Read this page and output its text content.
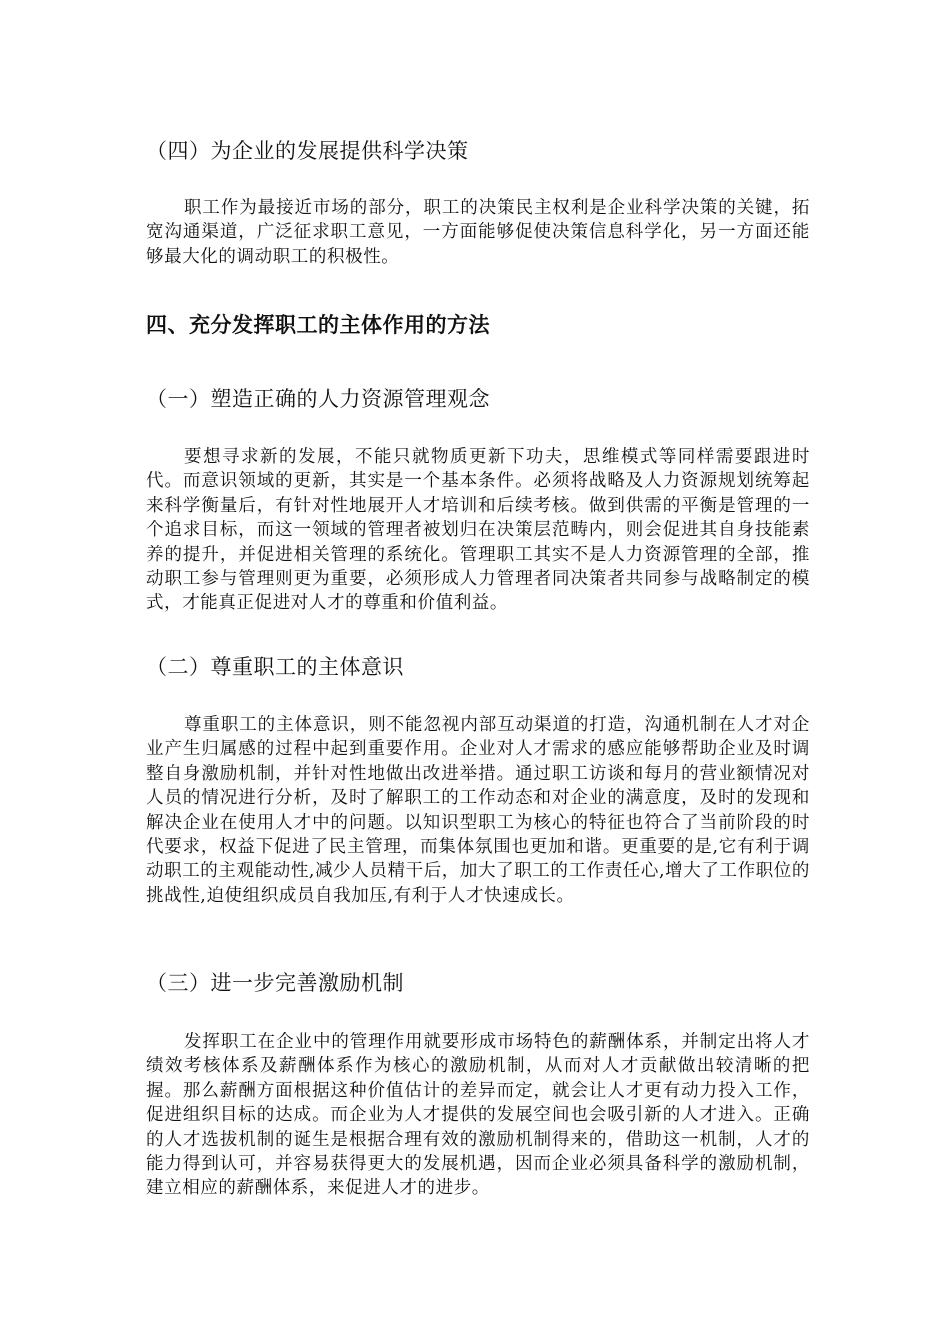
（四）为企业的发展提供科学决策

职工作为最接近市场的部分，职工的决策民主权利是企业科学决策的关键，拓宽沟通渠道，广泛征求职工意见，一方面能够促使决策信息科学化，另一方面还能够最大化的调动职工的积极性。

四、充分发挥职工的主体作用的方法
（一）塑造正确的人力资源管理观念

要想寻求新的发展，不能只就物质更新下功夫，思维模式等同样需要跟进时代。而意识领域的更新，其实是一个基本条件。必须将战略及人力资源规划统筹起来科学衡量后，有针对性地展开人才培训和后续考核。做到供需的平衡是管理的一个追求目标，而这一领域的管理者被划归在决策层范畴内，则会促进其自身技能素养的提升，并促进相关管理的系统化。管理职工其实不是人力资源管理的全部，推动职工参与管理则更为重要，必须形成人力管理者同决策者共同参与战略制定的模式，才能真正促进对人才的尊重和价值利益。

（二）尊重职工的主体意识

尊重职工的主体意识，则不能忽视内部互动渠道的打造，沟通机制在人才对企业产生归属感的过程中起到重要作用。企业对人才需求的感应能够帮助企业及时调整自身激励机制，并针对性地做出改进举措。通过职工访谈和每月的营业额情况对人员的情况进行分析，及时了解职工的工作动态和对企业的满意度，及时的发现和解决企业在使用人才中的问题。以知识型职工为核心的特征也符合了当前阶段的时代要求，权益下促进了民主管理，而集体氛围也更加和谐。更重要的是,它有利于调动职工的主观能动性,减少人员精干后，加大了职工的工作责任心,增大了工作职位的挑战性,迫使组织成员自我加压,有利于人才快速成长。

（三）进一步完善激励机制

发挥职工在企业中的管理作用就要形成市场特色的薪酬体系，并制定出将人才绩效考核体系及薪酬体系作为核心的激励机制，从而对人才贡献做出较清晰的把握。那么薪酬方面根据这种价值估计的差异而定，就会让人才更有动力投入工作，促进组织目标的达成。而企业为人才提供的发展空间也会吸引新的人才进入。正确的人才选拔机制的诞生是根据合理有效的激励机制得来的，借助这一机制，人才的能力得到认可，并容易获得更大的发展机遇，因而企业必须具备科学的激励机制，建立相应的薪酬体系，来促进人才的进步。
